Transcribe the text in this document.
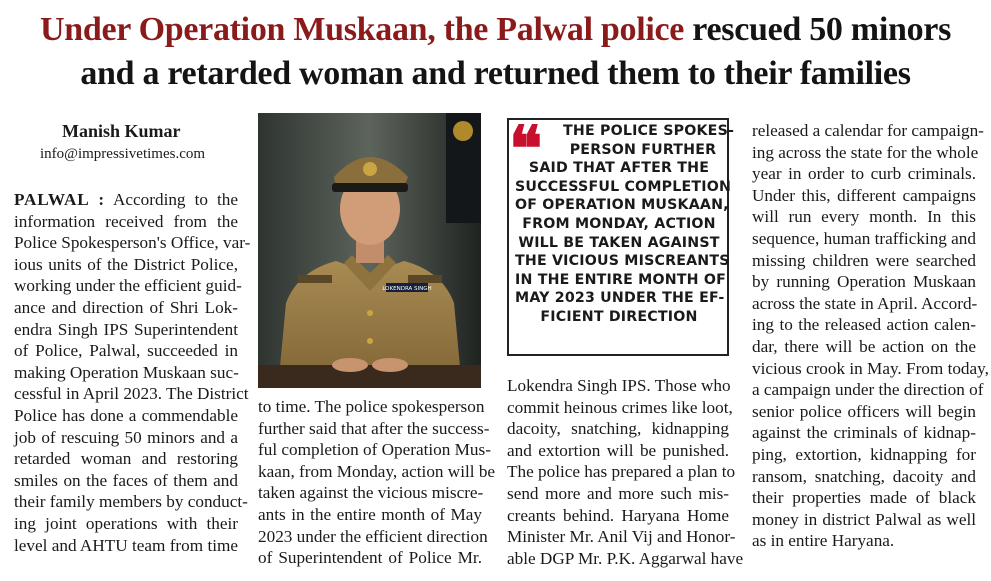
Under Operation Muskaan, the Palwal police rescued 50 minors
and a retarded woman and returned them to their families
Manish Kumar
info@impressivetimes.com
PALWAL : According to the
information received from the
Police Spokesperson's Office, var-
ious units of the District Police,
working under the efficient guid-
ance and direction of Shri Lok-
endra Singh IPS Superintendent
of Police, Palwal, succeeded in
making Operation Muskaan suc-
cessful in April 2023. The District
Police has done a commendable
job of rescuing 50 minors and a
retarded woman and restoring
smiles on the faces of them and
their family members by conduct-
ing joint operations with their
level and AHTU team from time
LOKENDRA SINGH
to time. The police spokesperson
further said that after the success-
ful completion of Operation Mus-
kaan, from Monday, action will be
taken against the vicious miscre-
ants in the entire month of May
2023 under the efficient direction
of Superintendent of Police Mr.
❝	THE POLICE SPOKES-
PERSON FURTHER
SAID THAT AFTER THE
SUCCESSFUL COMPLETION
OF OPERATION MUSKAAN,
FROM MONDAY, ACTION
WILL BE TAKEN AGAINST
THE VICIOUS MISCREANTS
IN THE ENTIRE MONTH OF
MAY 2023 UNDER THE EF-
FICIENT DIRECTION
Lokendra Singh IPS. Those who
commit heinous crimes like loot,
dacoity, snatching, kidnapping
and extortion will be punished.
The police has prepared a plan to
send more and more such mis-
creants behind. Haryana Home
Minister Mr. Anil Vij and Honor-
able DGP Mr. P.K. Aggarwal have
released a calendar for campaign-
ing across the state for the whole
year in order to curb criminals.
Under this, different campaigns
will run every month. In this
sequence, human trafficking and
missing children were searched
by running Operation Muskaan
across the state in April. Accord-
ing to the released action calen-
dar, there will be action on the
vicious crook in May. From today,
a campaign under the direction of
senior police officers will begin
against the criminals of kidnap-
ping, extortion, kidnapping for
ransom, snatching, dacoity and
their properties made of black
money in district Palwal as well
as in entire Haryana.
